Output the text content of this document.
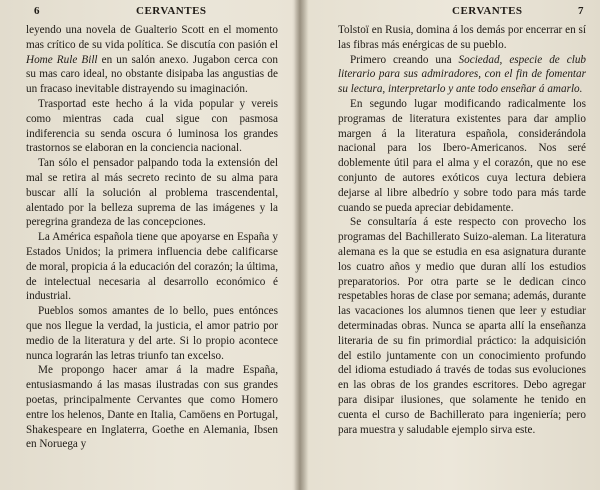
6	CERVANTES

leyendo una novela de Gualterio Scott en el momento mas crítico de su vida política. Se discutía con pasión el Home Rule Bill en un salón anexo. Jugabon cerca con su mas caro ideal, no obstante disipaba las angustias de un fracaso inevitable distrayendo su imaginación.

Trasportad este hecho á la vida popular y vereis como mientras cada cual sigue con pasmosa indiferencia su senda oscura ó luminosa los grandes trastornos se elaboran en la conciencia nacional.

Tan sólo el pensador palpando toda la extensión del mal se retira al más secreto recinto de su alma para buscar allí la solución al problema trascendental, alentado por la belleza suprema de las imágenes y la peregrina grandeza de las concepciones.

La América española tiene que apoyarse en España y Estados Unidos; la primera influencia debe calificarse de moral, propicia á la educación del corazón; la última, de intelectual necesaria al desarrollo económico é industrial.

Pueblos somos amantes de lo bello, pues entónces que nos llegue la verdad, la justicia, el amor patrio por medio de la literatura y del arte. Si lo propio acontece nunca lograrán las letras triunfo tan excelso.

Me propongo hacer amar á la madre España, entusiasmando á las masas ilustradas con sus grandes poetas, principalmente Cervantes que como Homero entre los helenos, Dante en Italia, Camöens en Portugal, Shakespeare en Inglaterra, Goethe en Alemania, Ibsen en Noruega y

CERVANTES	7

Tolstoï en Rusia, domina á los demás por encerrar en sí las fibras más enérgicas de su pueblo.

Primero creando una Sociedad, especie de club literario para sus admiradores, con el fin de fomentar su lectura, interpretarlo y ante todo enseñar á amarlo.

En segundo lugar modificando radicalmente los programas de literatura existentes para dar amplio margen á la literatura española, considerándola nacional para los Ibero-Americanos. Nos seré doblemente útil para el alma y el corazón, que no ese conjunto de autores exóticos cuya lectura debiera dejarse al libre albedrío y sobre todo para más tarde cuando se pueda apreciar debidamente.

Se consultaría á este respecto con provecho los programas del Bachillerato Suizo-aleman. La literatura alemana es la que se estudia en esa asignatura durante los cuatro años y medio que duran allí los estudios preparatorios. Por otra parte se le dedican cinco respetables horas de clase por semana; además, durante las vacaciones los alumnos tienen que leer y estudiar determinadas obras. Nunca se aparta allí la enseñanza literaria de su fin primordial práctico: la adquisición del estilo juntamente con un conocimiento profundo del idioma estudiado á través de todas sus evoluciones en las obras de los grandes escritores. Debo agregar para disipar ilusiones, que solamente he tenido en cuenta el curso de Bachillerato para ingeniería; pero para muestra y saludable ejemplo sirva este.
